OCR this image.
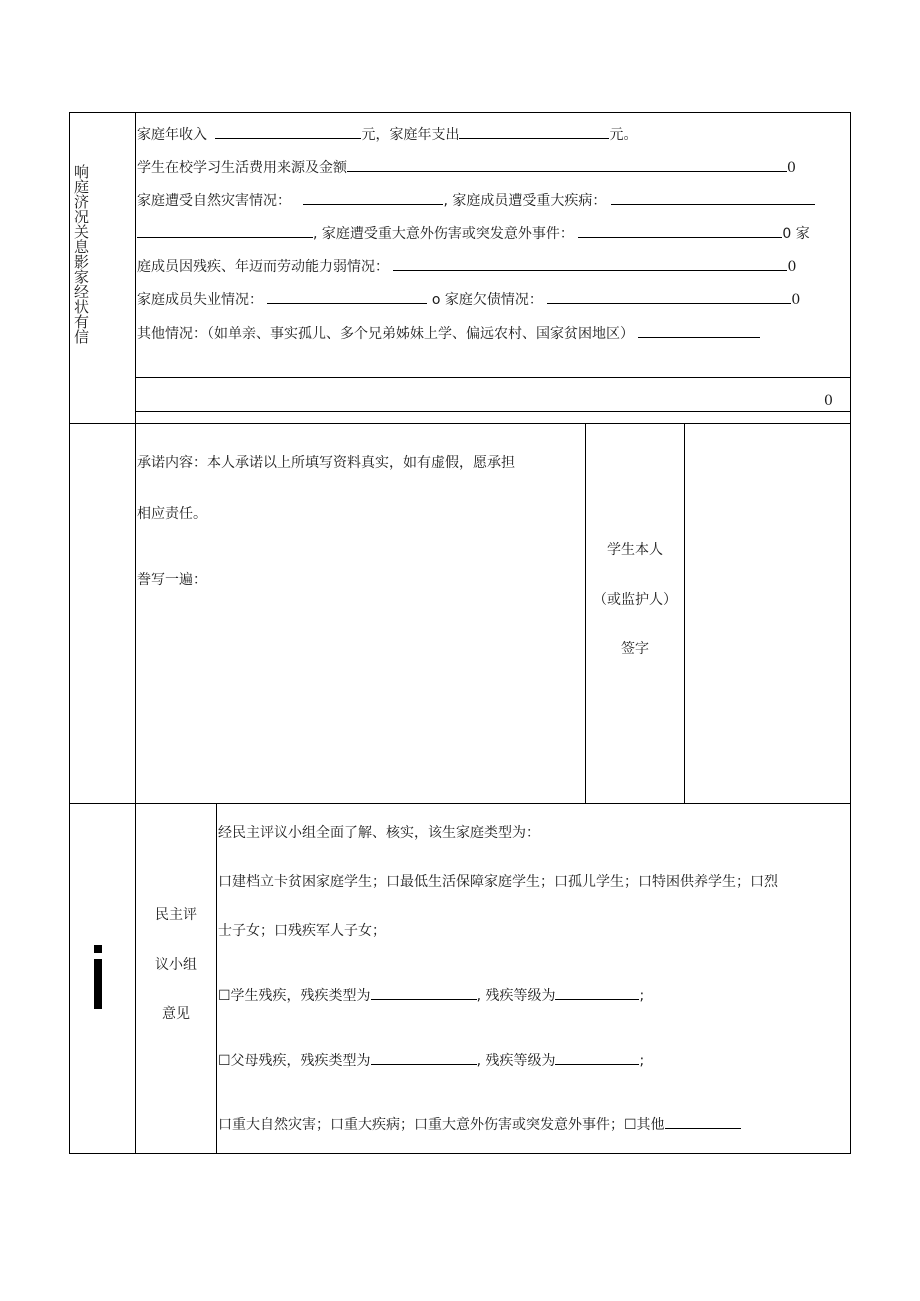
响庭济况关息影家经状有信
家庭年收入	元，家庭年支出	元。
学生在校学习生活费用来源及金额	0
家庭遭受自然灾害情况：	, 家庭成员遭受重大疾病：
, 家庭遭受重大意外伤害或突发意外事件：	0 家
庭成员因残疾、年迈而劳动能力弱情况：	0
家庭成员失业情况：	o 家庭欠债情况：	0
其他情况：（如单亲、事实孤儿、多个兄弟姊妹上学、偏远农村、国家贫困地区）
0
承诺内容：本人承诺以上所填写资料真实，如有虚假，愿承担
相应责任。
誊写一遍：
学生本人
（或监护人）
签字
民主评
议小组
意见
经民主评议小组全面了解、核实，该生家庭类型为：
口建档立卡贫困家庭学生；口最低生活保障家庭学生；口孤儿学生；口特困供养学生；口烈
士子女；口残疾军人子女；
☐学生残疾，残疾类型为	, 残疾等级为	;
☐父母残疾，残疾类型为	, 残疾等级为	;
口重大自然灾害；口重大疾病；口重大意外伤害或突发意外事件；☐其他
